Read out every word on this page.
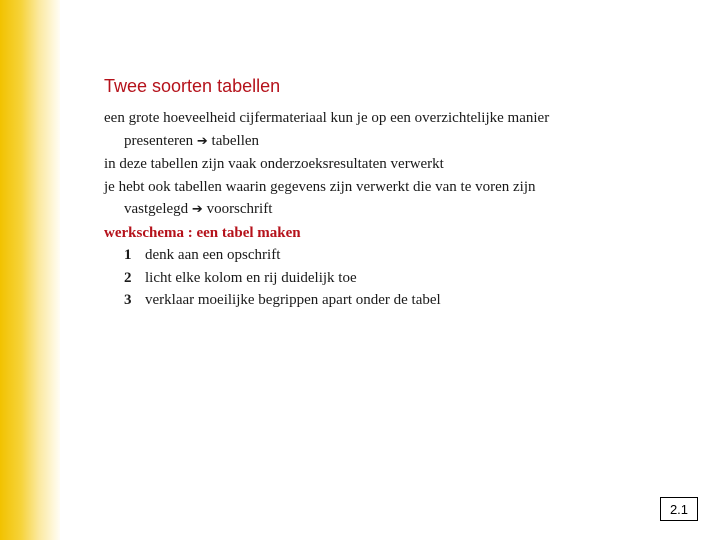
Twee soorten tabellen
een grote hoeveelheid cijfermateriaal kun je op een overzichtelijke manier
presenteren ➔ tabellen
in deze tabellen zijn vaak onderzoeksresultaten verwerkt
je hebt ook tabellen waarin gegevens zijn verwerkt die van te voren zijn
vastgelegd ➔ voorschrift
werkschema : een tabel maken
1 denk aan een opschrift
2 licht elke kolom en rij duidelijk toe
3 verklaar moeilijke begrippen apart onder de tabel
2.1
